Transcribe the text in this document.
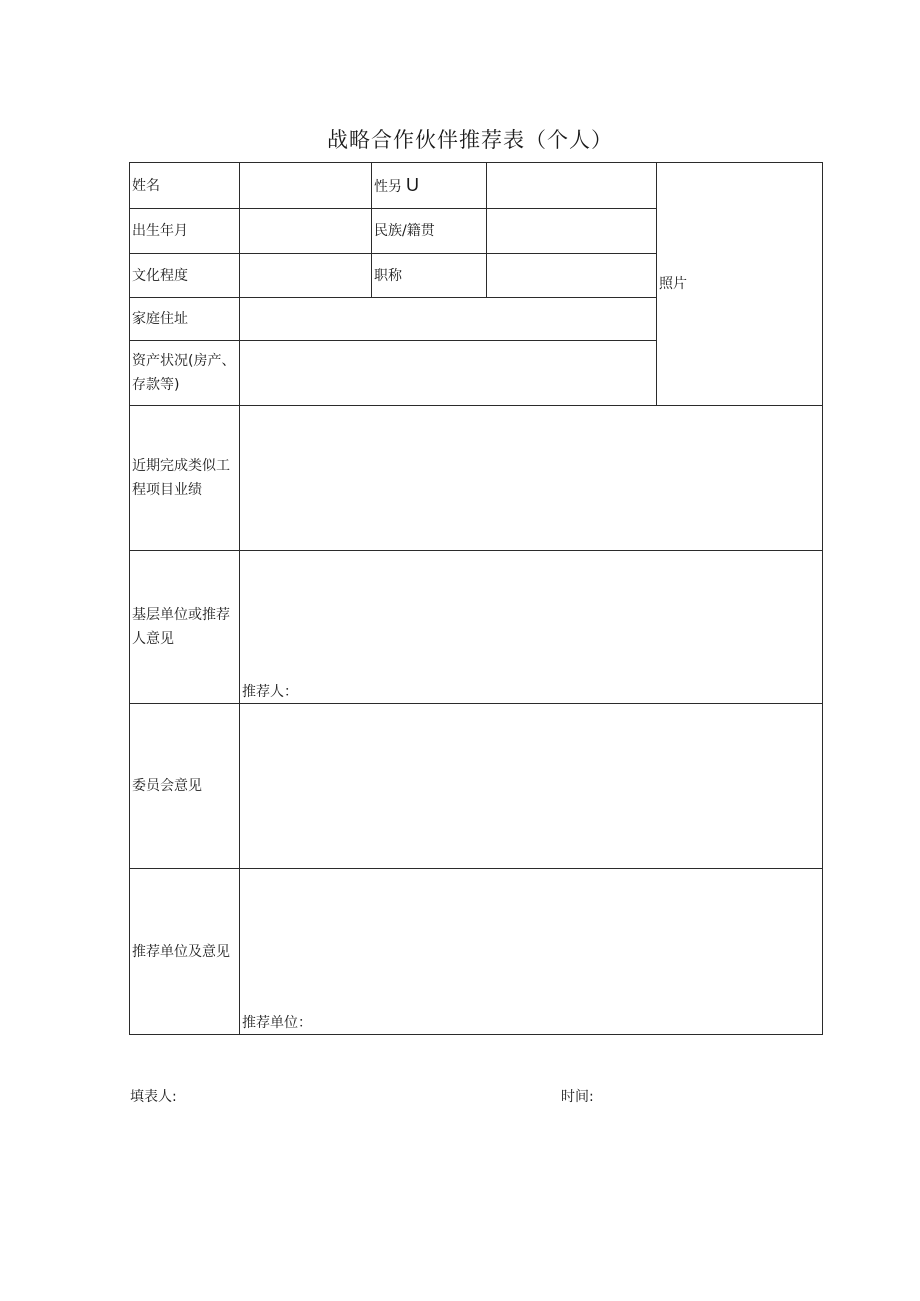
战略合作伙伴推荐表（个人）
姓名		性另 U		照片
出生年月		民族/籍贯		
文化程度		职称		
家庭住址				

资产状况(房产、
存款等)				

近期完成类似工
程项目业绩				

基层单位或推荐
人意见	推荐人：			

委员会意见				
推荐单位及意见	推荐单位：			
填表人:	时间:
